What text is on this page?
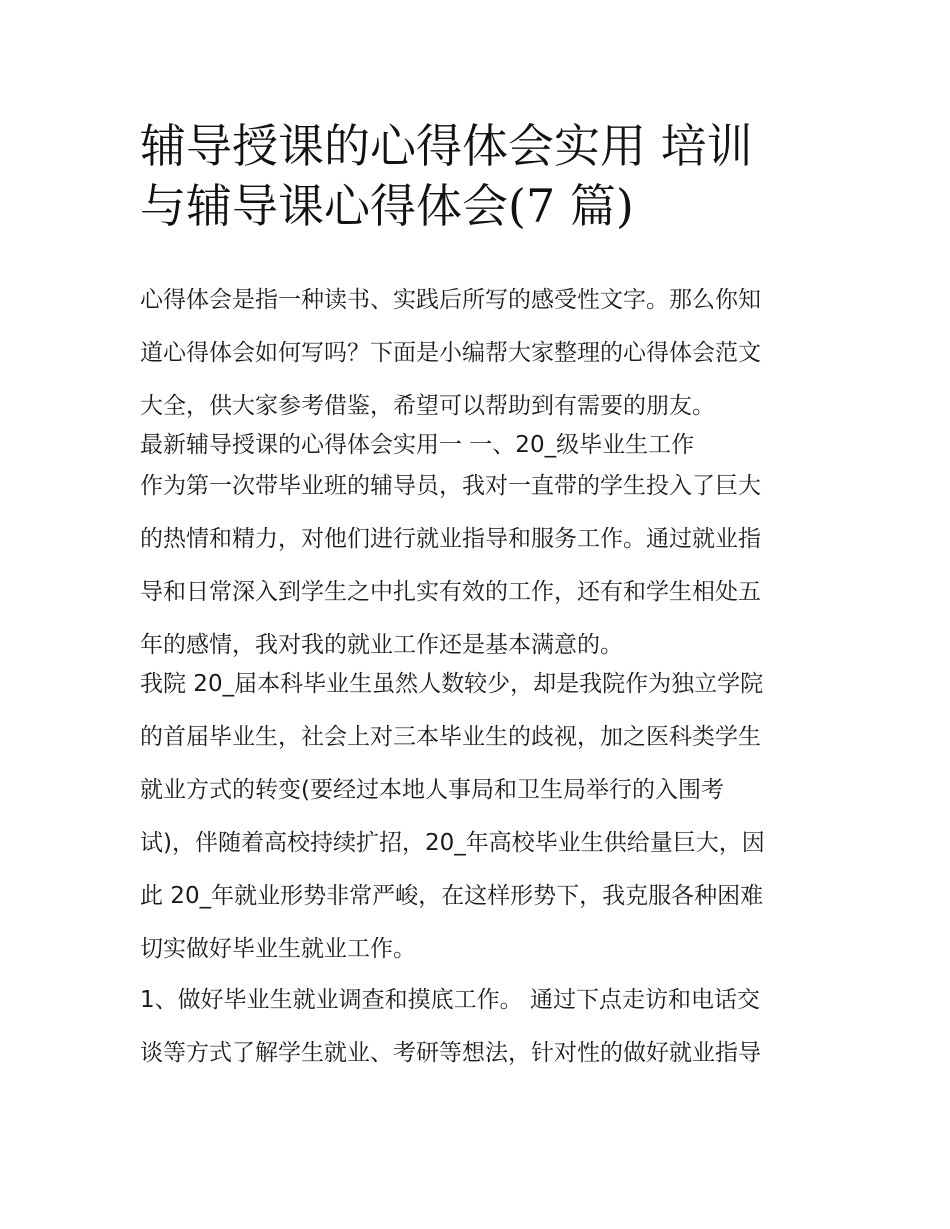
辅导授课的心得体会实用 培训
与辅导课心得体会(7 篇)
心得体会是指一种读书、实践后所写的感受性文字。那么你知
道心得体会如何写吗？下面是小编帮大家整理的心得体会范文
大全，供大家参考借鉴，希望可以帮助到有需要的朋友。
最新辅导授课的心得体会实用一 一、20_级毕业生工作
作为第一次带毕业班的辅导员，我对一直带的学生投入了巨大
的热情和精力，对他们进行就业指导和服务工作。通过就业指
导和日常深入到学生之中扎实有效的工作，还有和学生相处五
年的感情，我对我的就业工作还是基本满意的。
我院 20_届本科毕业生虽然人数较少，却是我院作为独立学院
的首届毕业生，社会上对三本毕业生的歧视，加之医科类学生
就业方式的转变(要经过本地人事局和卫生局举行的入围考
试)，伴随着高校持续扩招，20_年高校毕业生供给量巨大，因
此 20_年就业形势非常严峻，在这样形势下，我克服各种困难
切实做好毕业生就业工作。
1、做好毕业生就业调查和摸底工作。 通过下点走访和电话交
谈等方式了解学生就业、考研等想法，针对性的做好就业指导
